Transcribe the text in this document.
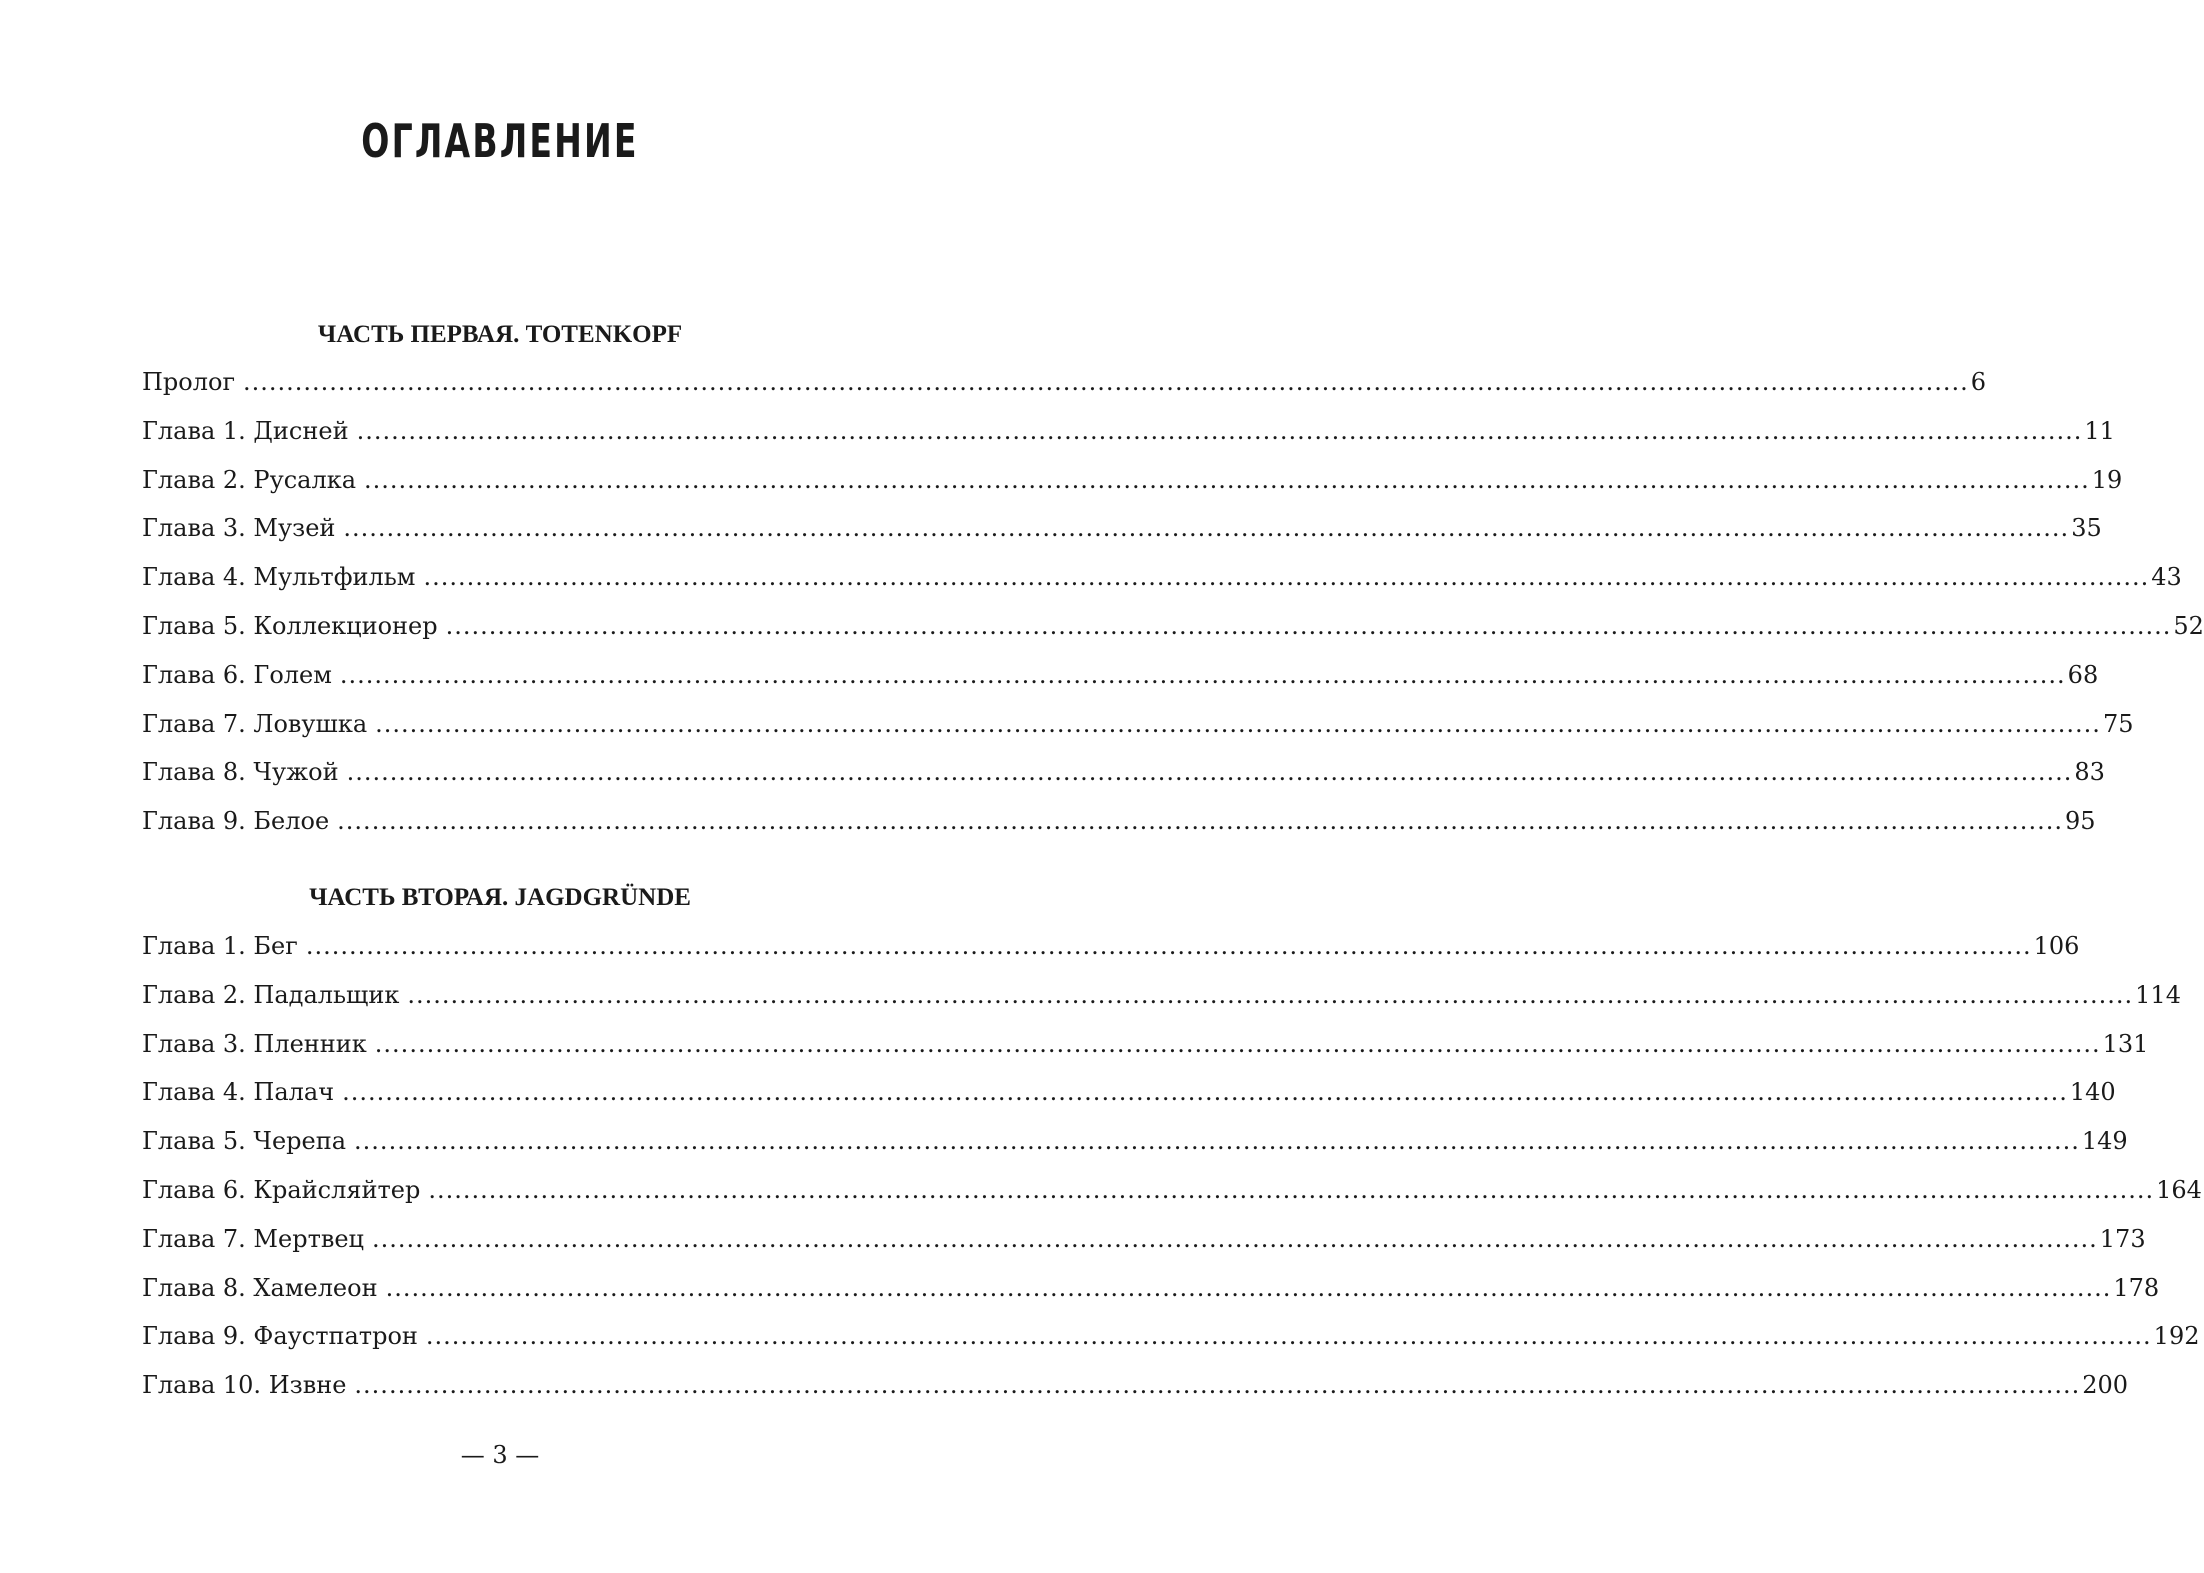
ОГЛАВЛЕНИЕ
ЧАСТЬ ПЕРВАЯ. TOTENKOPF
Пролог ........................................................................................................................................................................................................ 6
Глава 1. Дисней ........................................................................................................................................................................................................ 11
Глава 2. Русалка ........................................................................................................................................................................................................ 19
Глава 3. Музей ........................................................................................................................................................................................................ 35
Глава 4. Мультфильм ........................................................................................................................................................................................................ 43
Глава 5. Коллекционер ........................................................................................................................................................................................................ 52
Глава 6. Голем ........................................................................................................................................................................................................ 68
Глава 7. Ловушка ........................................................................................................................................................................................................ 75
Глава 8. Чужой ........................................................................................................................................................................................................ 83
Глава 9. Белое ........................................................................................................................................................................................................ 95
ЧАСТЬ ВТОРАЯ. JAGDGRÜNDE
Глава 1. Бег ........................................................................................................................................................................................................ 106
Глава 2. Падальщик ........................................................................................................................................................................................................ 114
Глава 3. Пленник ........................................................................................................................................................................................................ 131
Глава 4. Палач ........................................................................................................................................................................................................ 140
Глава 5. Черепа ........................................................................................................................................................................................................ 149
Глава 6. Крайсляйтер ........................................................................................................................................................................................................ 164
Глава 7. Мертвец ........................................................................................................................................................................................................ 173
Глава 8. Хамелеон ........................................................................................................................................................................................................ 178
Глава 9. Фаустпатрон ........................................................................................................................................................................................................ 192
Глава 10. Извне ........................................................................................................................................................................................................ 200

— 3 —
